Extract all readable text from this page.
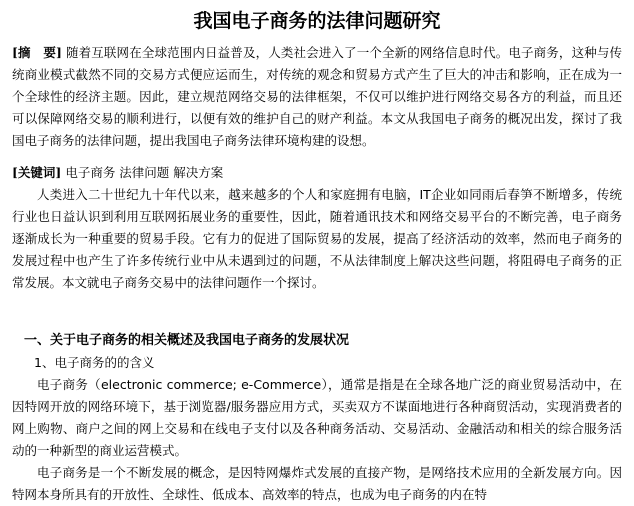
我国电子商务的法律问题研究

[摘　要] 随着互联网在全球范围内日益普及，人类社会进入了一个全新的网络信息时代。电子商务，这种与传统商业模式截然不同的交易方式便应运而生，对传统的观念和贸易方式产生了巨大的冲击和影响，正在成为一个全球性的经济主题。因此，建立规范网络交易的法律框架，不仅可以维护进行网络交易各方的利益，而且还可以保障网络交易的顺利进行，以便有效的维护自己的财产利益。本文从我国电子商务的概况出发，探讨了我国电子商务的法律问题，提出我国电子商务法律环境构建的设想。

[关键词] 电子商务 法律问题 解决方案

人类进入二十世纪九十年代以来，越来越多的个人和家庭拥有电脑，IT企业如同雨后春笋不断增多，传统行业也日益认识到利用互联网拓展业务的重要性，因此，随着通讯技术和网络交易平台的不断完善，电子商务逐渐成长为一种重要的贸易手段。它有力的促进了国际贸易的发展，提高了经济活动的效率，然而电子商务的发展过程中也产生了许多传统行业中从未遇到过的问题，不从法律制度上解决这些问题，将阻碍电子商务的正常发展。本文就电子商务交易中的法律问题作一个探讨。

一、关于电子商务的相关概述及我国电子商务的发展状况

1、电子商务的的含义

电子商务（electronic commerce; e-Commerce），通常是指是在全球各地广泛的商业贸易活动中，在因特网开放的网络环境下，基于浏览器/服务器应用方式，买卖双方不谋面地进行各种商贸活动，实现消费者的网上购物、商户之间的网上交易和在线电子支付以及各种商务活动、交易活动、金融活动和相关的综合服务活动的一种新型的商业运营模式。

电子商务是一个不断发展的概念，是因特网爆炸式发展的直接产物，是网络技术应用的全新发展方向。因特网本身所具有的开放性、全球性、低成本、高效率的特点，也成为电子商务的内在特
